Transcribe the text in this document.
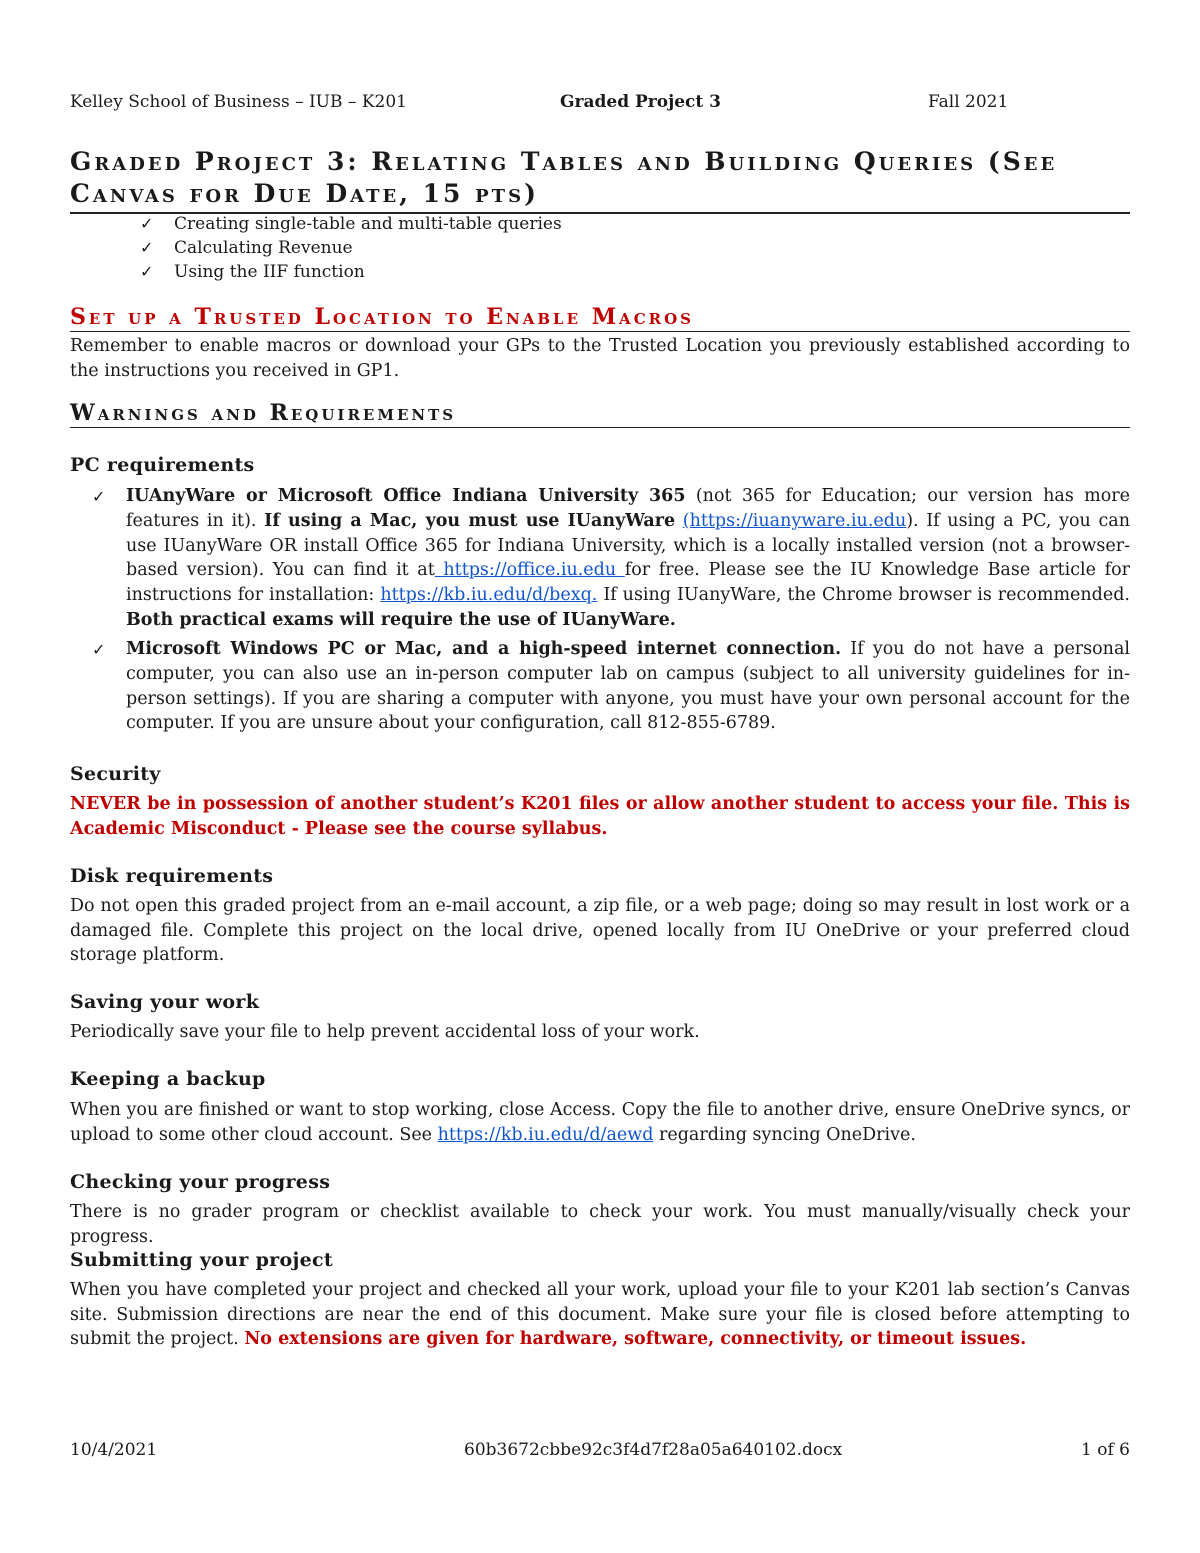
Kelley School of Business – IUB – K201	Graded Project 3	Fall 2021
Graded Project 3: Relating Tables and Building Queries (See
Canvas for Due Date, 15 pts)
✓ Creating single-table and multi-table queries
✓ Calculating Revenue
✓ Using the IIF function
Set up a Trusted Location to Enable Macros

Remember to enable macros or download your GPs to the Trusted Location you previously established according to the instructions you received in GP1.

Warnings and Requirements

PC requirements

✓ IUAnyWare or Microsoft Office Indiana University 365 (not 365 for Education; our version has more features in it). If using a Mac, you must use IUanyWare (https://iuanyware.iu.edu). If using a PC, you can use IUanyWare OR install Office 365 for Indiana University, which is a locally installed version (not a browser-based version). You can find it at https://office.iu.edu for free. Please see the IU Knowledge Base article for instructions for installation: https://kb.iu.edu/d/bexq. If using IUanyWare, the Chrome browser is recommended. Both practical exams will require the use of IUanyWare.

✓ Microsoft Windows PC or Mac, and a high-speed internet connection. If you do not have a personal computer, you can also use an in-person computer lab on campus (subject to all university guidelines for in-person settings). If you are sharing a computer with anyone, you must have your own personal account for the computer. If you are unsure about your configuration, call 812-855-6789.

Security

NEVER be in possession of another student’s K201 files or allow another student to access your file. This is Academic Misconduct - Please see the course syllabus.

Disk requirements

Do not open this graded project from an e-mail account, a zip file, or a web page; doing so may result in lost work or a damaged file. Complete this project on the local drive, opened locally from IU OneDrive or your preferred cloud storage platform.

Saving your work

Periodically save your file to help prevent accidental loss of your work.

Keeping a backup

When you are finished or want to stop working, close Access. Copy the file to another drive, ensure OneDrive syncs, or upload to some other cloud account. See https://kb.iu.edu/d/aewd regarding syncing OneDrive.

Checking your progress

There is no grader program or checklist available to check your work. You must manually/visually check your progress.

Submitting your project

When you have completed your project and checked all your work, upload your file to your K201 lab section’s Canvas site. Submission directions are near the end of this document. Make sure your file is closed before attempting to submit the project. No extensions are given for hardware, software, connectivity, or timeout issues.

10/4/2021	60b3672cbbe92c3f4d7f28a05a640102.docx	1 of 6
